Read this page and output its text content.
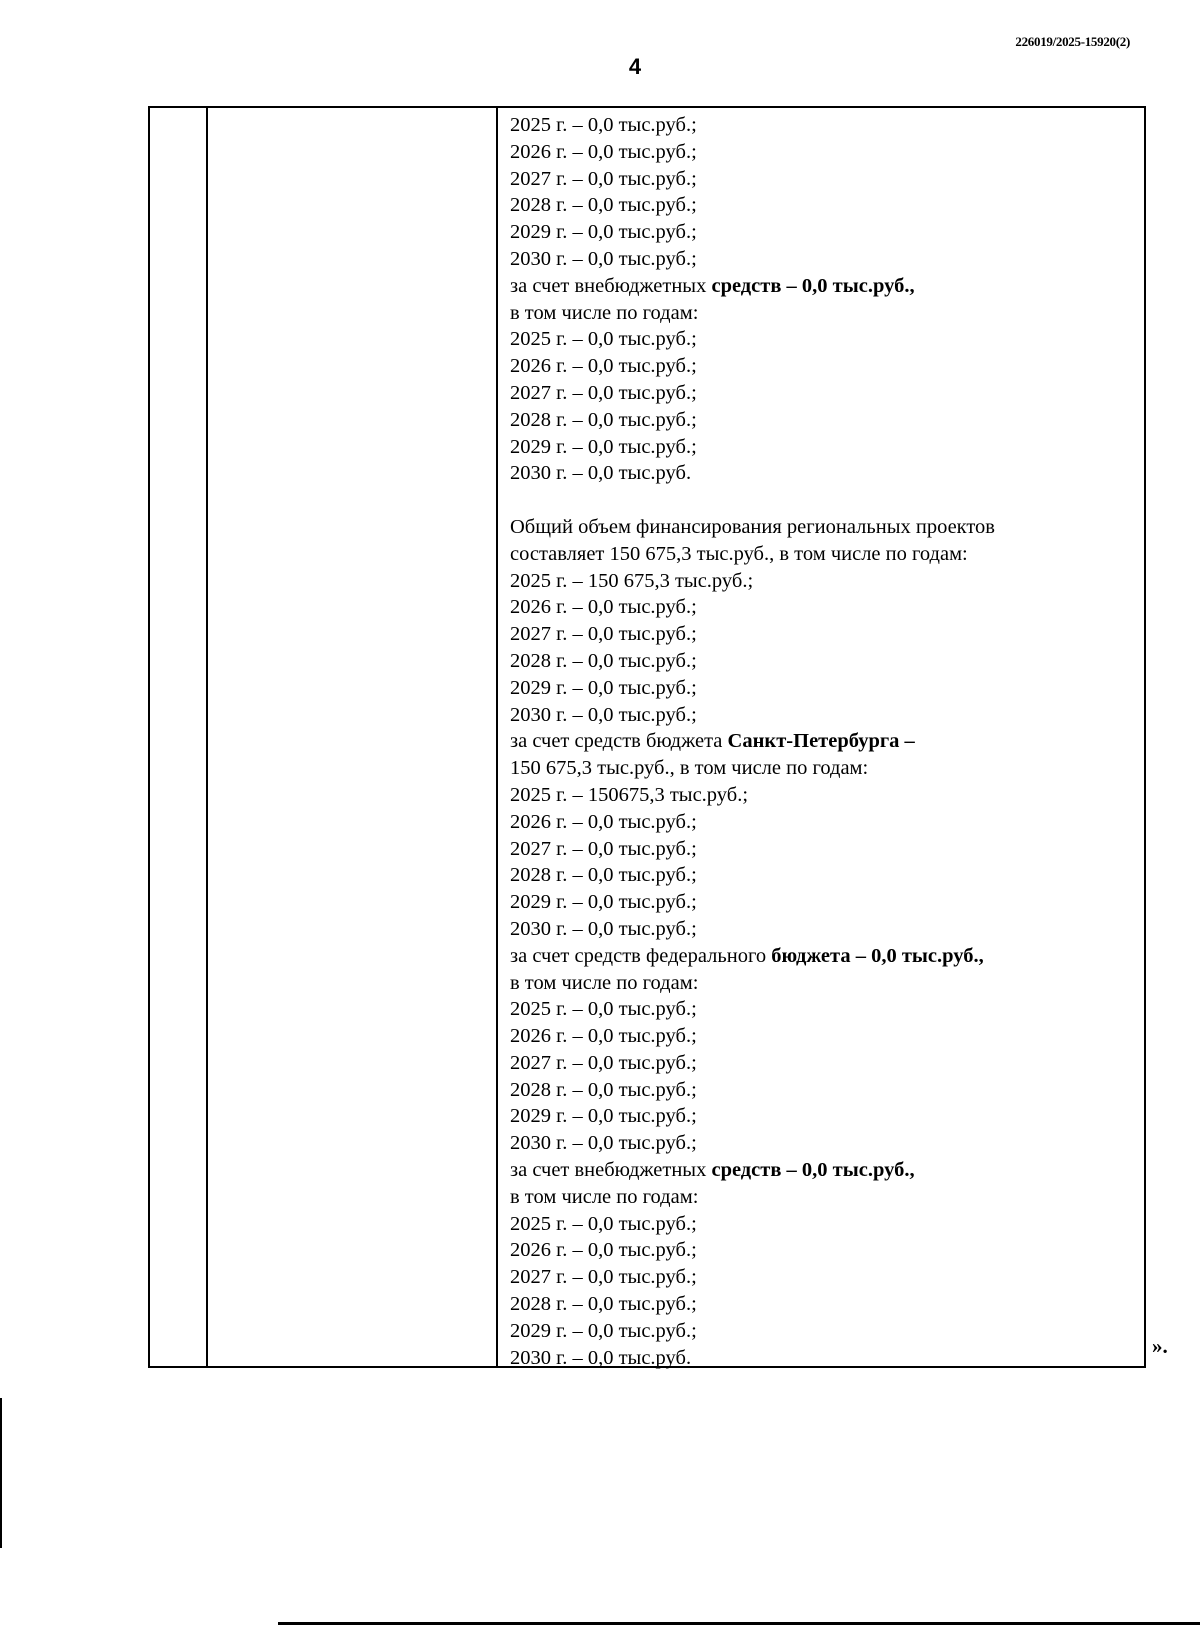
226019/2025-15920(2)
4
2025 г. – 0,0 тыс.руб.;
2026 г. – 0,0 тыс.руб.;
2027 г. – 0,0 тыс.руб.;
2028 г. – 0,0 тыс.руб.;
2029 г. – 0,0 тыс.руб.;
2030 г. – 0,0 тыс.руб.;
за счет внебюджетных средств – 0,0 тыс.руб.,
в том числе по годам:
2025 г. – 0,0 тыс.руб.;
2026 г. – 0,0 тыс.руб.;
2027 г. – 0,0 тыс.руб.;
2028 г. – 0,0 тыс.руб.;
2029 г. – 0,0 тыс.руб.;
2030 г. – 0,0 тыс.руб.
Общий объем финансирования региональных проектов
составляет 150 675,3 тыс.руб., в том числе по годам:
2025 г. – 150 675,3 тыс.руб.;
2026 г. – 0,0 тыс.руб.;
2027 г. – 0,0 тыс.руб.;
2028 г. – 0,0 тыс.руб.;
2029 г. – 0,0 тыс.руб.;
2030 г. – 0,0 тыс.руб.;
за счет средств бюджета Санкт-Петербурга –
150 675,3 тыс.руб., в том числе по годам:
2025 г. – 150675,3 тыс.руб.;
2026 г. – 0,0 тыс.руб.;
2027 г. – 0,0 тыс.руб.;
2028 г. – 0,0 тыс.руб.;
2029 г. – 0,0 тыс.руб.;
2030 г. – 0,0 тыс.руб.;
за счет средств федерального бюджета – 0,0 тыс.руб.,
в том числе по годам:
2025 г. – 0,0 тыс.руб.;
2026 г. – 0,0 тыс.руб.;
2027 г. – 0,0 тыс.руб.;
2028 г. – 0,0 тыс.руб.;
2029 г. – 0,0 тыс.руб.;
2030 г. – 0,0 тыс.руб.;
за счет внебюджетных средств – 0,0 тыс.руб.,
в том числе по годам:
2025 г. – 0,0 тыс.руб.;
2026 г. – 0,0 тыс.руб.;
2027 г. – 0,0 тыс.руб.;
2028 г. – 0,0 тыс.руб.;
2029 г. – 0,0 тыс.руб.;
2030 г. – 0,0 тыс.руб.	».
